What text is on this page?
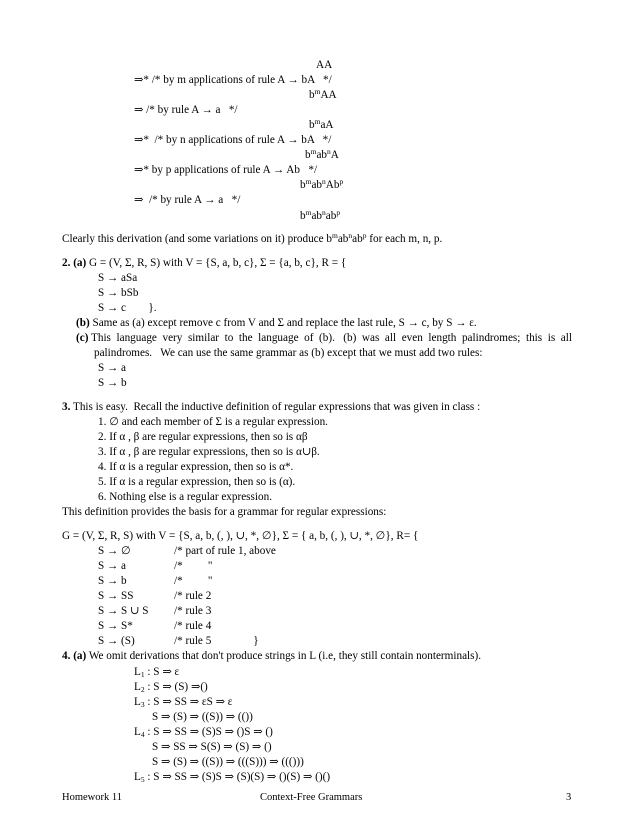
AA
⇒* /* by m applications of rule A → bA   */
$b^mAA$
⇒ /* by rule A → a   */
$b^maA$
⇒*  /* by n applications of rule A → bA   */
$b^mab^nA$
⇒* by p applications of rule A → Ab   */
$b^mab^nAb^p$
⇒  /* by rule A → a   */
$b^mab^nab^p$
Clearly this derivation (and some variations on it) produce $b^mab^nab^p$ for each m, n, p.
2. (a) G = (V, Σ, R, S) with V = {S, a, b, c}, Σ = {a, b, c}, R = {
S → aSa
S → bSb
S → c        }.
(b) Same as (a) except remove c from V and Σ and replace the last rule, S → c, by S → ε.
(c) This  language  very  similar  to  the  language  of  (b).   (b)  was  all  even  length  palindromes;  this  is  all
palindromes.   We can use the same grammar as (b) except that we must add two rules:
S → a
S → b
3. This is easy.  Recall the inductive definition of regular expressions that was given in class :
1. ∅ and each member of Σ is a regular expression.
2. If α , β are regular expressions, then so is αβ
3. If α , β are regular expressions, then so is α∪β.
4. If α is a regular expression, then so is α*.
5. If α is a regular expression, then so is (α).
6. Nothing else is a regular expression.
This definition provides the basis for a grammar for regular expressions:
G = (V, Σ, R, S) with V = {S, a, b, (, ), ∪, *, ∅}, Σ = { a, b, (, ), ∪, *, ∅}, R= {
S → ∅	/* part of rule 1, above
S → a	/*         "
S → b	/*         "
S → SS	/* rule 2
S → S ∪ S /* rule 3
S → S*	/* rule 4
S → (S)	/* rule 5               }
4. (a) We omit derivations that don't produce strings in L (i.e, they still contain nonterminals).
$L_1$ : S ⇒ ε
$L_2$ : S ⇒ (S) ⇒()
$L_3$ : S ⇒ SS ⇒ εS ⇒ ε
S ⇒ (S) ⇒ ((S)) ⇒ (())
$L_4$ : S ⇒ SS ⇒ (S)S ⇒ ()S ⇒ ()
S ⇒ SS ⇒ S(S) ⇒ (S) ⇒ ()
S ⇒ (S) ⇒ ((S)) ⇒ (((S))) ⇒ ((()))
$L_5$ : S ⇒ SS ⇒ (S)S ⇒ (S)(S) ⇒ ()(S) ⇒ ()()
Homework 11	Context-Free Grammars	3
